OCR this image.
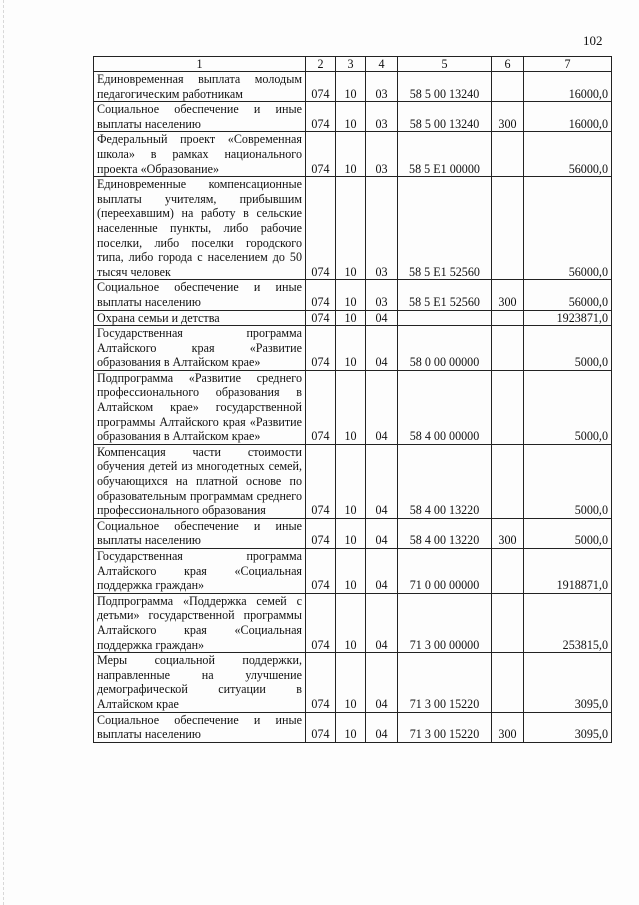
102
1	2	3	4	5	6	7
Единовременная выплата молодым педагогическим работникам	074	10	03	58 5 00 13240		16000,0
Социальное обеспечение и иные выплаты населению	074	10	03	58 5 00 13240	300	16000,0
Федеральный проект «Современная школа» в рамках национального проекта «Образование»	074	10	03	58 5 E1 00000		56000,0
Единовременные компенсационные выплаты учителям, прибывшим (переехавшим) на работу в сельские населенные пункты, либо рабочие поселки, либо поселки городского типа, либо города с населением до 50 тысяч человек	074	10	03	58 5 E1 52560		56000,0
Социальное обеспечение и иные выплаты населению	074	10	03	58 5 E1 52560	300	56000,0
Охрана семьи и детства	074	10	04			1923871,0
Государственная программа Алтайского края «Развитие образования в Алтайском крае»	074	10	04	58 0 00 00000		5000,0
Подпрограмма «Развитие среднего профессионального образования в Алтайском крае» государственной программы Алтайского края «Развитие образования в Алтайском крае»	074	10	04	58 4 00 00000		5000,0
Компенсация части стоимости обучения детей из многодетных семей, обучающихся на платной основе по образовательным программам среднего профессионального образования	074	10	04	58 4 00 13220		5000,0
Социальное обеспечение и иные выплаты населению	074	10	04	58 4 00 13220	300	5000,0
Государственная программа Алтайского края «Социальная поддержка граждан»	074	10	04	71 0 00 00000		1918871,0
Подпрограмма «Поддержка семей с детьми» государственной программы Алтайского края «Социальная поддержка граждан»	074	10	04	71 3 00 00000		253815,0
Меры социальной поддержки, направленные на улучшение демографической ситуации в Алтайском крае	074	10	04	71 3 00 15220		3095,0
Социальное обеспечение и иные выплаты населению	074	10	04	71 3 00 15220	300	3095,0
